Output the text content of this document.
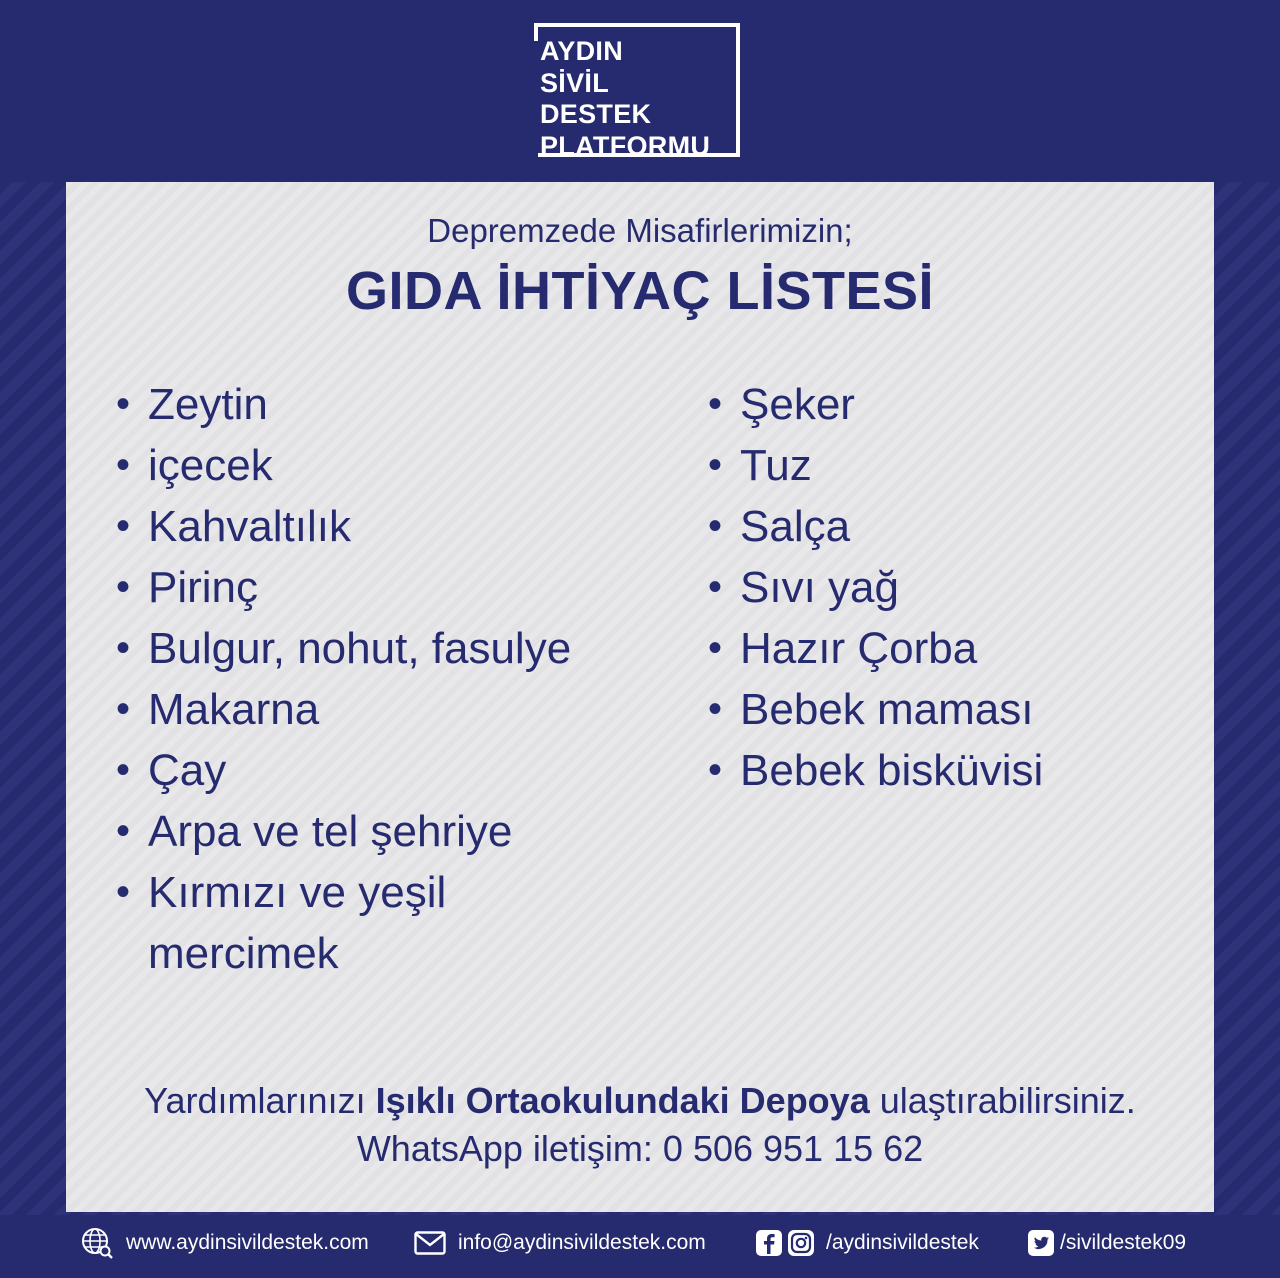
AYDIN
SİVİL
DESTEK
PLATFORMU
Depremzede Misafirlerimizin;
GIDA İHTİYAÇ LİSTESİ
• Zeytin
• içecek
• Kahvaltılık
• Pirinç
• Bulgur, nohut, fasulye
• Makarna
• Çay
• Arpa ve tel şehriye
• Kırmızı ve yeşil
mercimek
• Şeker
• Tuz
• Salça
• Sıvı yağ
• Hazır Çorba
• Bebek maması
• Bebek bisküvisi
Yardımlarınızı Işıklı Ortaokulundaki Depoya ulaştırabilirsiniz.
WhatsApp iletişim: 0 506 951 15 62
www.aydinsivildestek.com	info@aydinsivildestek.com	/aydinsivildestek	/sivildestek09
